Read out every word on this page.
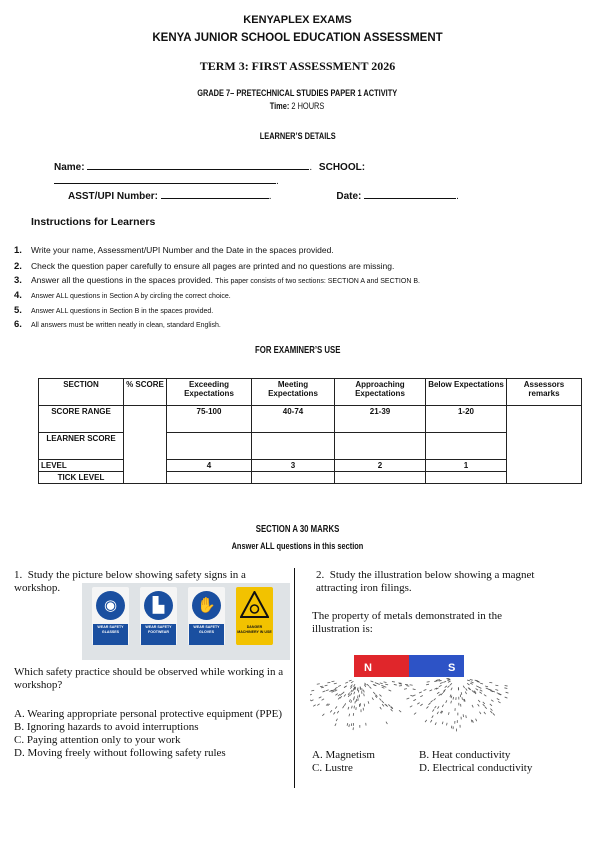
KENYAPLEX EXAMS
KENYA JUNIOR SCHOOL EDUCATION ASSESSMENT
TERM 3: FIRST ASSESSMENT 2026
GRADE 7– PRETECHNICAL STUDIES PAPER 1 ACTIVITY
Time: 2 HOURS
LEARNER’S DETAILS
Name:	. SCHOOL: .
ASST/UPI Number:	.	Date:	.
Instructions for Learners
1. Write your name, Assessment/UPI Number and the Date in the spaces provided.
2. Check the question paper carefully to ensure all pages are printed and no questions are missing.
3. Answer all the questions in the spaces provided. This paper consists of two sections: SECTION A and SECTION B.
4. Answer ALL questions in Section A by circling the correct choice.
5. Answer ALL questions in Section B in the spaces provided.
6. All answers must be written neatly in clean, standard English.
FOR EXAMINER’S USE
SECTION	% SCORE	Exceeding Expectations	Meeting Expectations	Approaching Expectations	Below Expectations	Assessors remarks
SCORE RANGE		75-100	40-74	21-39	1-20	
LEARNER SCORE						
LEVEL		4	3	2	1	
TICK LEVEL						
SECTION A 30 MARKS
Answer ALL questions in this section
1. Study the picture below showing safety signs in a workshop.
◉
WEAR SAFETY GLASSES
▙
WEAR SAFETY FOOTWEAR
✋
WEAR SAFETY GLOVES
DANGER MACHINERY IN USE
Which safety practice should be observed while working in a workshop?
A. Wearing appropriate personal protective equipment (PPE)
B. Ignoring hazards to avoid interruptions
C. Paying attention only to your work
D. Moving freely without following safety rules
2. Study the illustration below showing a magnet attracting iron filings.
The property of metals demonstrated in the illustration is:
N	S
A. Magnetism	B. Heat conductivity
C. Lustre	D. Electrical conductivity
